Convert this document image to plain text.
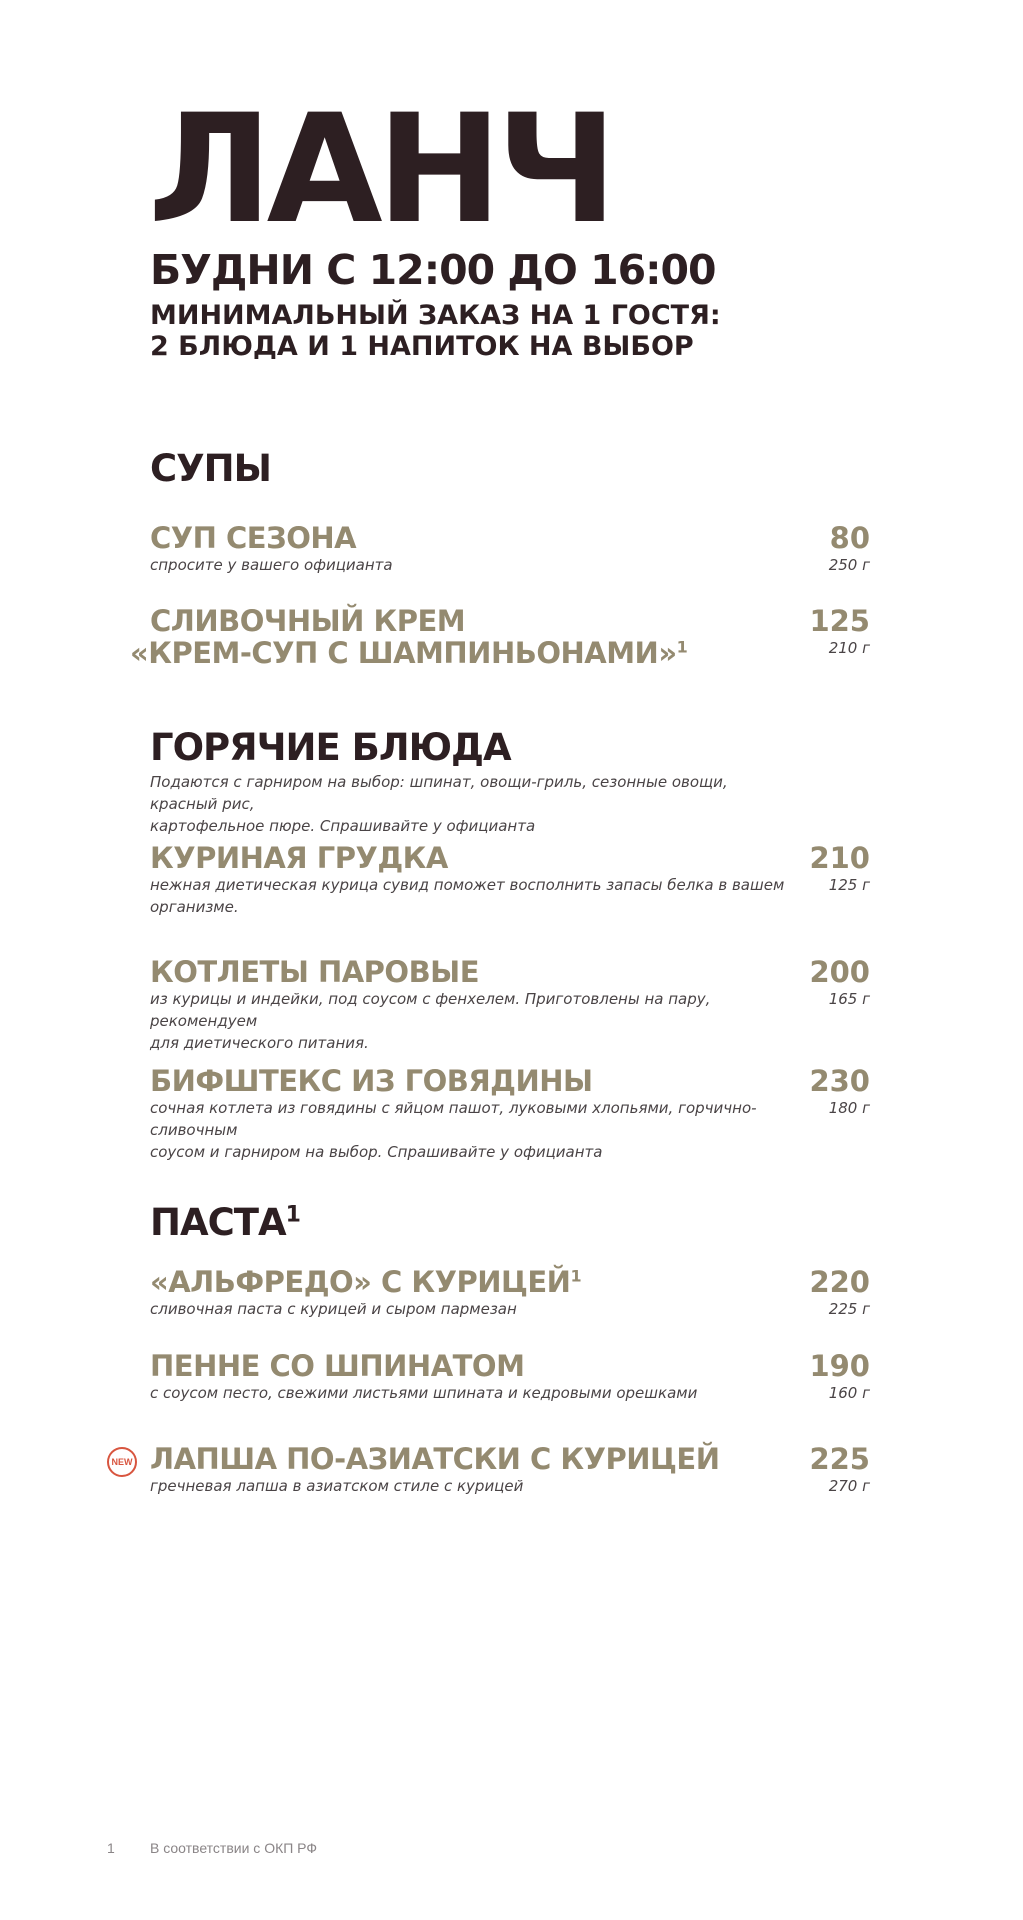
ЛАНЧ
БУДНИ С 12:00 ДО 16:00
МИНИМАЛЬНЫЙ ЗАКАЗ НА 1 ГОСТЯ:
2 БЛЮДА И 1 НАПИТОК НА ВЫБОР
СУПЫ
СУП СЕЗОНА
спросите у вашего официанта
80
250 г
СЛИВОЧНЫЙ КРЕМ
«КРЕМ-СУП С ШАМПИНЬОНАМИ»$^1$
125
210 г
ГОРЯЧИЕ БЛЮДА
Подаются с гарниром на выбор: шпинат, овощи-гриль, сезонные овощи, красный рис,
картофельное пюре. Спрашивайте у официанта
КУРИНАЯ ГРУДКА
нежная диетическая курица сувид поможет восполнить запасы белка в вашем
организме.
210
125 г
КОТЛЕТЫ ПАРОВЫЕ
из курицы и индейки, под соусом с фенхелем. Приготовлены на пару, рекомендуем
для диетического питания.
200
165 г
БИФШТЕКС ИЗ ГОВЯДИНЫ
сочная котлета из говядины с яйцом пашот, луковыми хлопьями, горчично-сливочным
соусом и гарниром на выбор. Спрашивайте у официанта
230
180 г
ПАСТА$^1$
«АЛЬФРЕДО» С КУРИЦЕЙ$^1$
сливочная паста с курицей и сыром пармезан
220
225 г
ПЕННЕ СО ШПИНАТОМ
с соусом песто, свежими листьями шпината и кедровыми орешками
190
160 г
NEW ЛАПША ПО-АЗИАТСКИ С КУРИЦЕЙ
гречневая лапша в азиатском стиле с курицей
225
270 г
1	В соответствии с ОКП РФ
